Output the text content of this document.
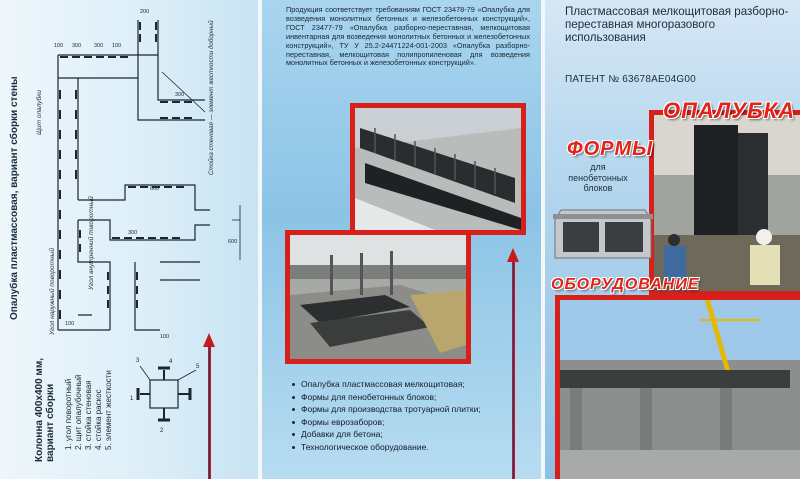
200
100 300 300 100
300
600
300
600
100
100
4
5
3
1
2
Опалубка пластмассовая, вариант сборки стены Щит опалубки
Угол внутренний поворотный
Угол наружный поворотный
Стойка стеновая — элемент жесткости доборный
Колонна 400х400 мм, вариант сборки 1. угол поворотный 2. щит опалубочный 3. стойка стеновая 4. стойка раскос 5. элемент жесткости
Продукция соответствует требованиям ГОСТ 23478-79 «Опалубка для возведения монолитных бетонных и железобетонных конструкций», ГОСТ 23477-79 «Опалубка разборно-переставная, мелкощитовая инвентарная для возведения монолитных бетонных и железобетонных конструкций», ТУ У 25.2-24471224-001-2003 «Опалубка разборно-переставная, мелкощитовая полипропиленовая для возведения монолитных бетонных и железобетонных конструкций».
Опалубка пластмассовая мелкощитовая;
Формы для пенобетонных блоков;
Формы для производства тротуарной плитки;
Формы еврозаборов;
Добавки для бетона;
Технологическое оборудование.
Пластмассовая мелкощитовая разборно-переставная многоразового использования
ПАТЕНТ № 63678АЕ04G00
ОПАЛУБКА
ФОРМЫ
для пенобетонных блоков
ОБОРУДОВАНИЕ
